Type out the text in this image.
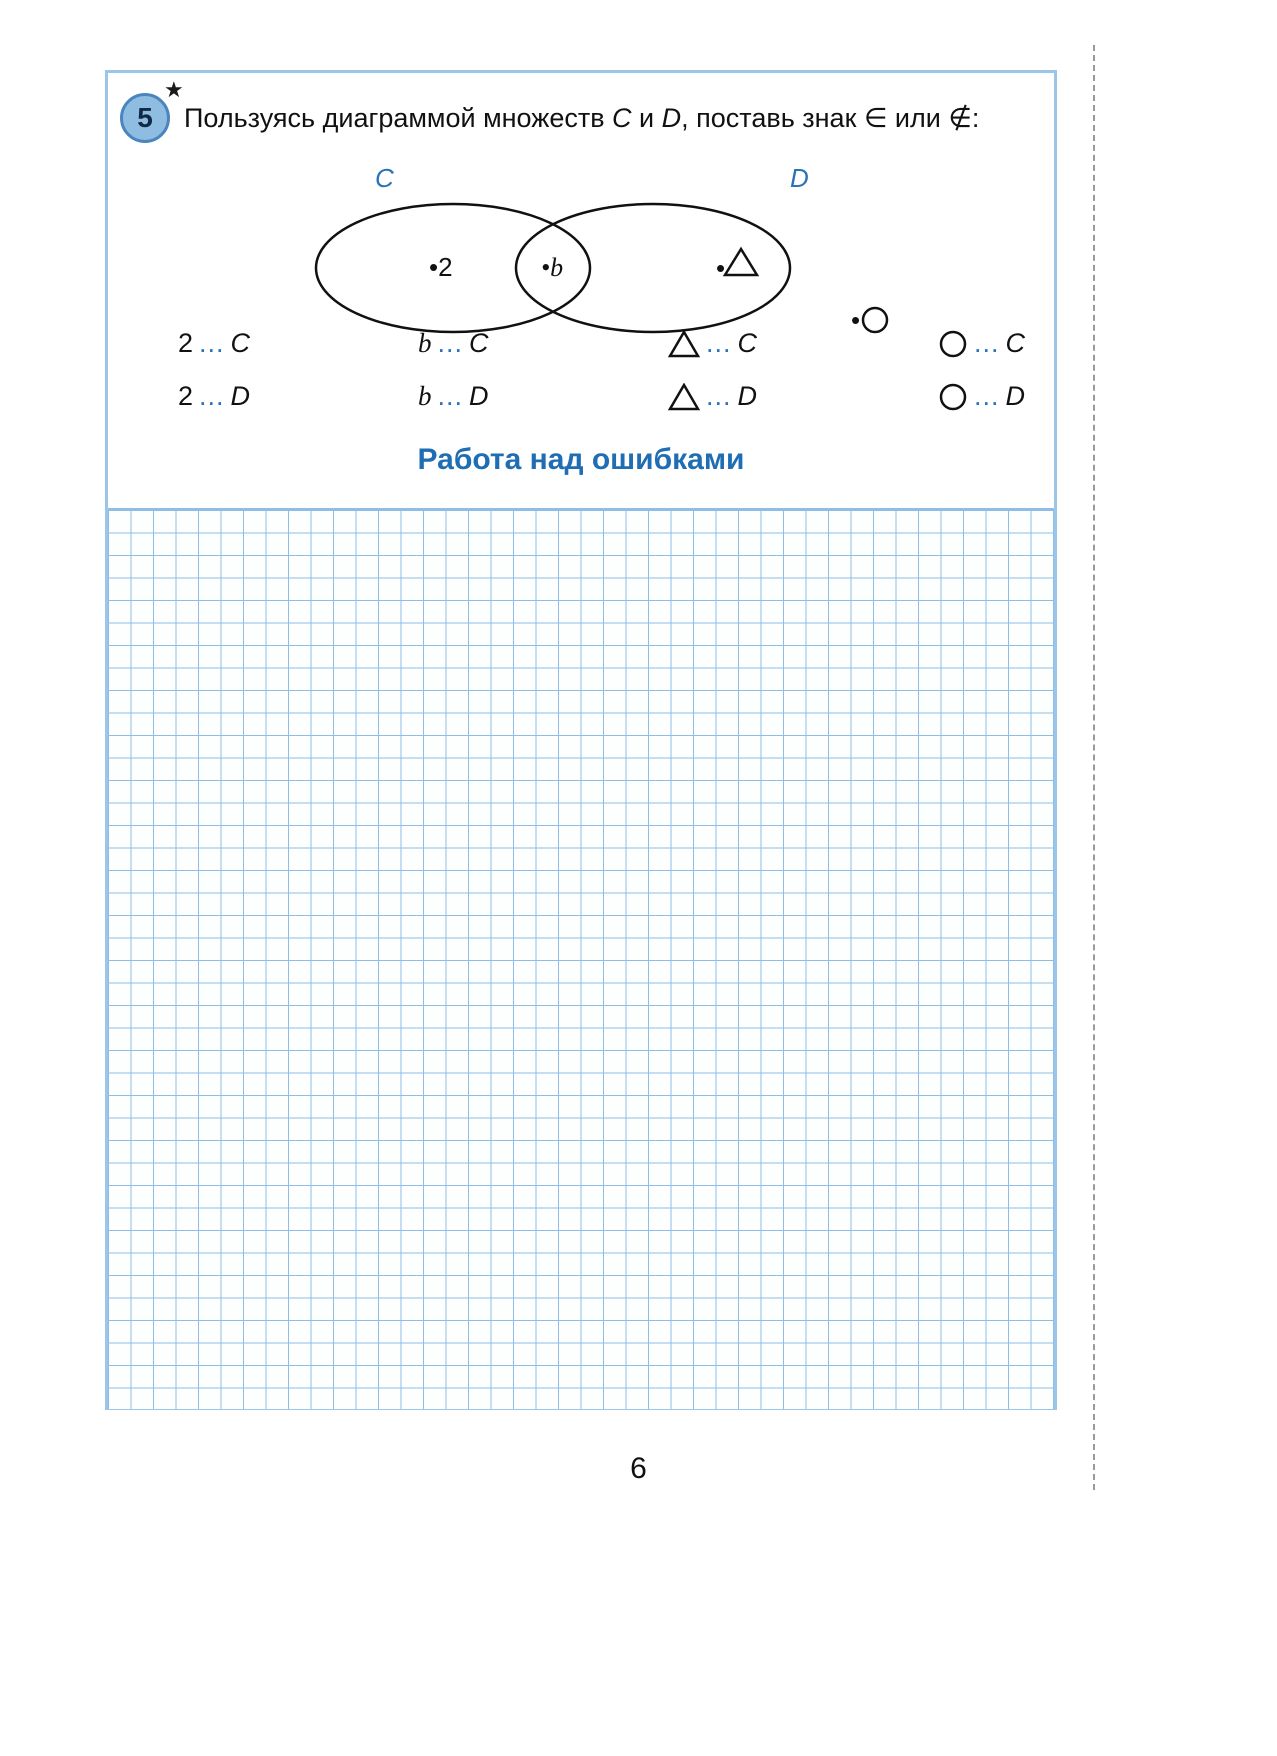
5
★
Пользуясь диаграммой множеств C и D, поставь знак ∈ или ∉:
C	D
•2	•b	•
•
2 ... C	b ... C	... C	... C
2 ... D	b ... D	... D	... D
Работа над ошибками
6
